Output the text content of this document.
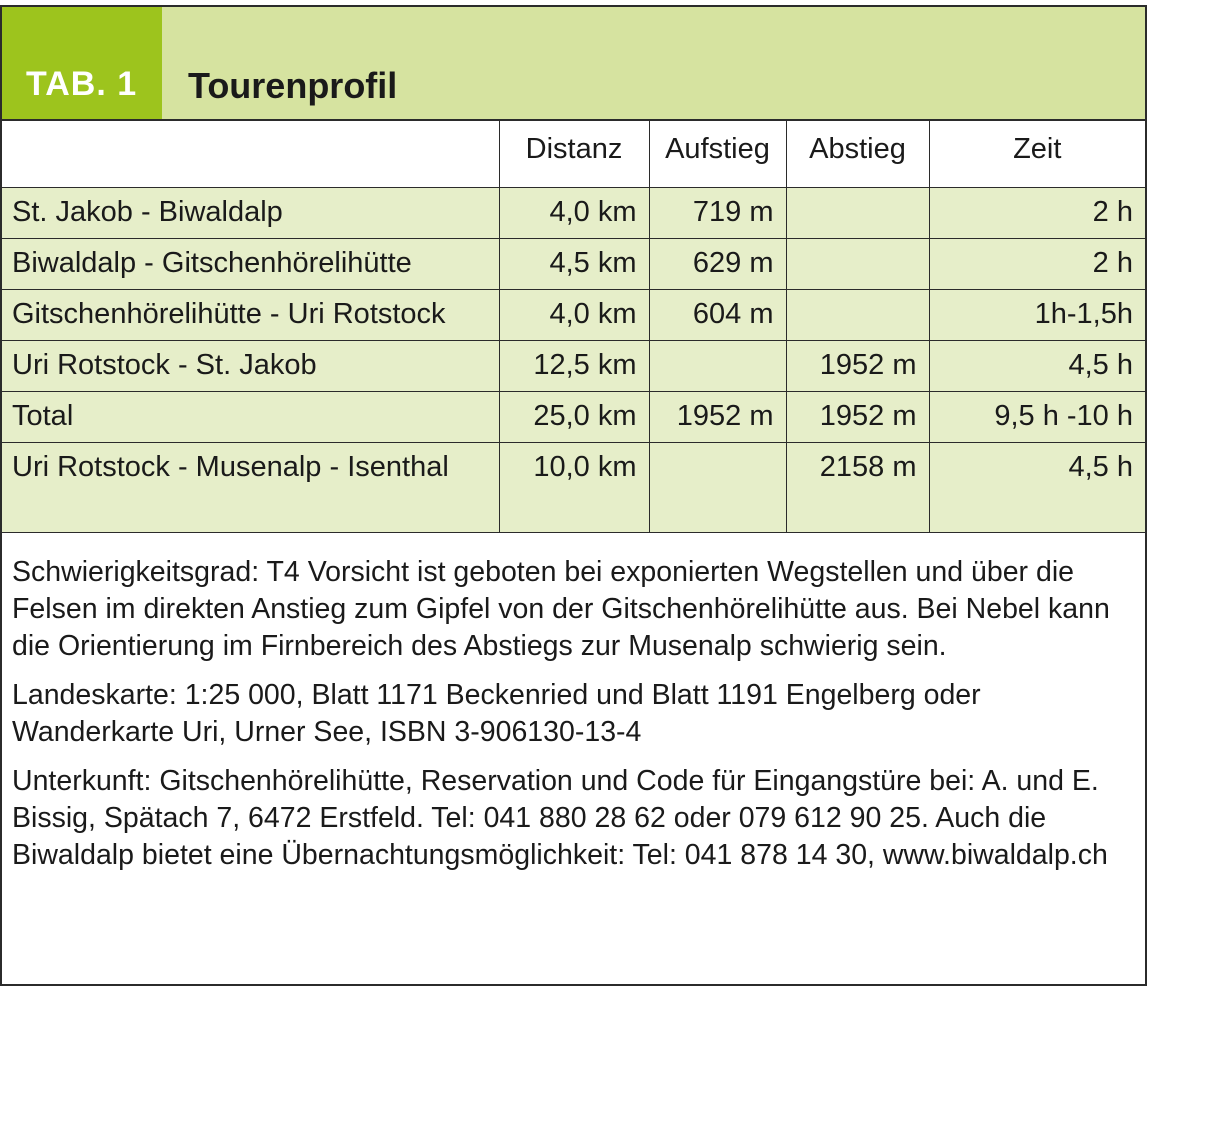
TAB. 1	Tourenprofil
	Distanz	Aufstieg	Abstieg	Zeit
St. Jakob - Biwaldalp	4,0 km	719 m		2 h
Biwaldalp - Gitschenhörelihütte	4,5 km	629 m		2 h
Gitschenhörelihütte - Uri Rotstock	4,0 km	604 m		1h-1,5h
Uri Rotstock - St. Jakob	12,5 km		1952 m	4,5 h
Total	25,0 km	1952 m	1952 m	9,5 h -10 h
Uri Rotstock - Musenalp - Isenthal	10,0 km		2158 m	4,5 h

Schwierigkeitsgrad: T4 Vorsicht ist geboten bei exponierten Wegstellen und über die Felsen im direkten Anstieg zum Gipfel von der Gitschenhörelihütte aus. Bei Nebel kann die Orientierung im Firnbereich des Abstiegs zur Musenalp schwierig sein.

Landeskarte: 1:25 000, Blatt 1171 Beckenried und Blatt 1191 Engelberg oder Wanderkarte Uri, Urner See, ISBN 3-906130-13-4

Unterkunft: Gitschenhörelihütte, Reservation und Code für Eingangstüre bei: A. und E. Bissig, Spätach 7, 6472 Erstfeld. Tel: 041 880 28 62 oder 079 612 90 25. Auch die Biwaldalp bietet eine Übernachtungsmöglichkeit: Tel: 041 878 14 30, www.biwaldalp.ch
